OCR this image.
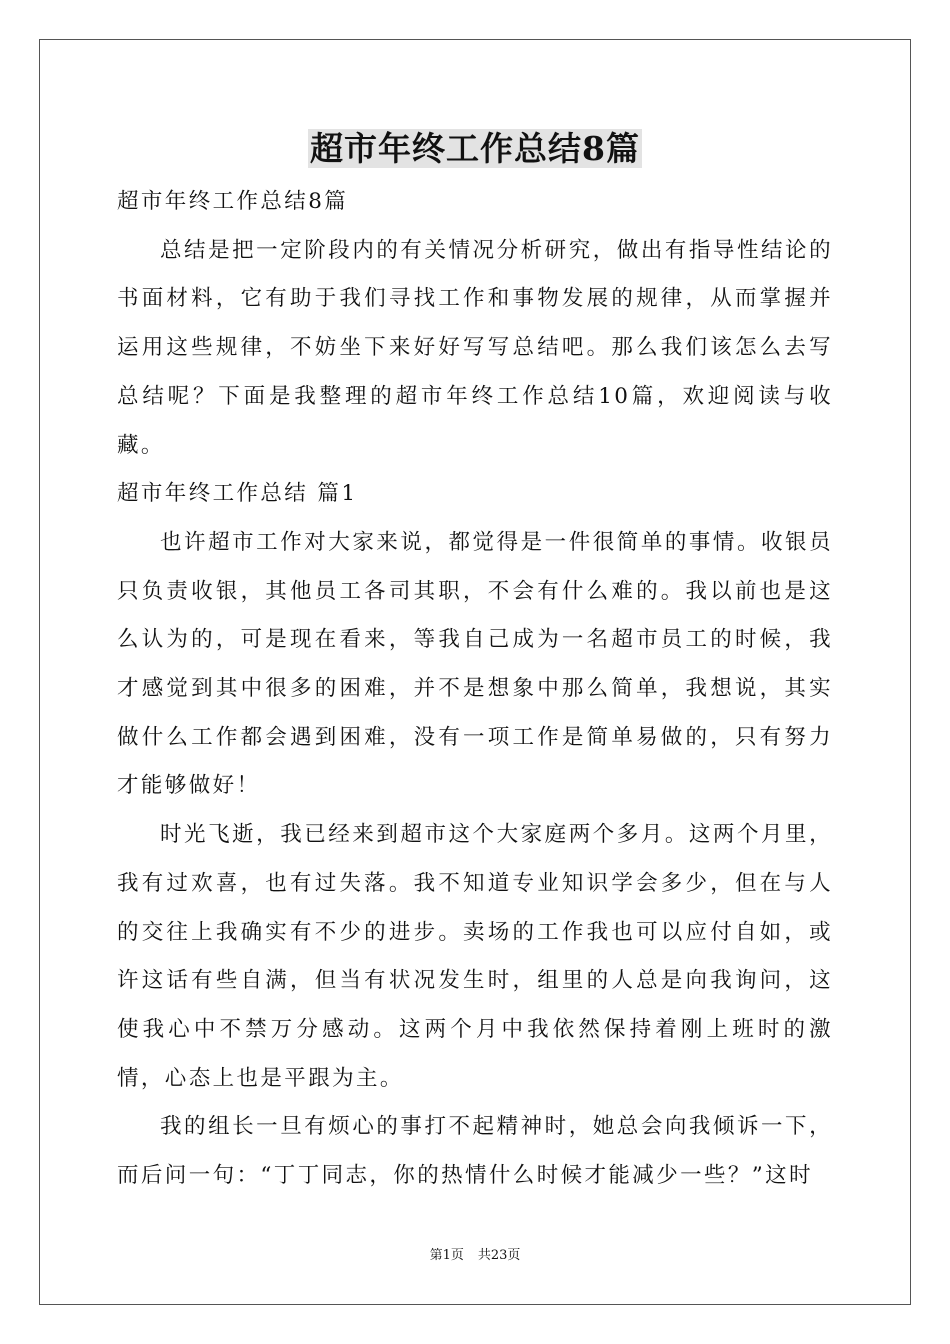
超市年终工作总结8篇

超市年终工作总结8篇

总结是把一定阶段内的有关情况分析研究，做出有指导性结论的书面材料，它有助于我们寻找工作和事物发展的规律，从而掌握并运用这些规律，不妨坐下来好好写写总结吧。那么我们该怎么去写总结呢？下面是我整理的超市年终工作总结10篇，欢迎阅读与收藏。

超市年终工作总结 篇1

也许超市工作对大家来说，都觉得是一件很简单的事情。收银员只负责收银，其他员工各司其职，不会有什么难的。我以前也是这么认为的，可是现在看来，等我自己成为一名超市员工的时候，我才感觉到其中很多的困难，并不是想象中那么简单，我想说，其实做什么工作都会遇到困难，没有一项工作是简单易做的，只有努力才能够做好！

时光飞逝，我已经来到超市这个大家庭两个多月。这两个月里，我有过欢喜，也有过失落。我不知道专业知识学会多少，但在与人的交往上我确实有不少的进步。卖场的工作我也可以应付自如，或许这话有些自满，但当有状况发生时，组里的人总是向我询问，这使我心中不禁万分感动。这两个月中我依然保持着刚上班时的激情，心态上也是平跟为主。

我的组长一旦有烦心的事打不起精神时，她总会向我倾诉一下，而后问一句：“丁丁同志，你的热情什么时候才能减少一些？”这时

第1页 共23页
